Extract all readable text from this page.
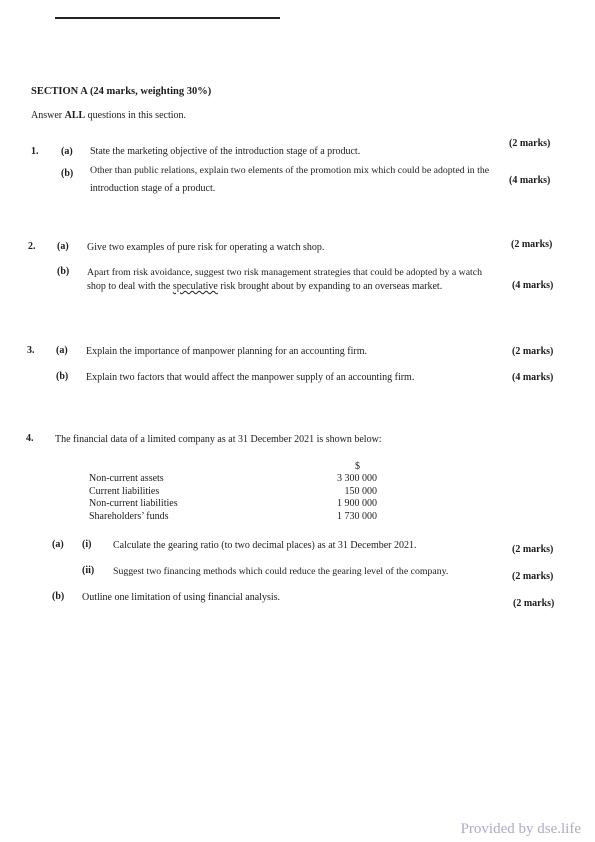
SECTION A (24 marks, weighting 30%)
Answer ALL questions in this section.
1. (a) State the marketing objective of the introduction stage of a product.
(2 marks)
(b) Other than public relations, explain two elements of the promotion mix which could be adopted in the
introduction stage of a product.
(4 marks)
2. (a) Give two examples of pure risk for operating a watch shop.	(2 marks)
(b) Apart from risk avoidance, suggest two risk management strategies that could be adopted by a watch
shop to deal with the speculative risk brought about by expanding to an overseas market.	(4 marks)
3. (a) Explain the importance of manpower planning for an accounting firm.	(2 marks)
(b) Explain two factors that would affect the manpower supply of an accounting firm.	(4 marks)
4. The financial data of a limited company as at 31 December 2021 is shown below:
$
Non-current assets	3 300 000
Current liabilities	150 000
Non-current liabilities	1 900 000
Shareholders’ funds	1 730 000
(a) (i) Calculate the gearing ratio (to two decimal places) as at 31 December 2021.	(2 marks)
(ii) Suggest two financing methods which could reduce the gearing level of the company.	(2 marks)
(b) Outline one limitation of using financial analysis.
(2 marks)
Provided by dse.life
